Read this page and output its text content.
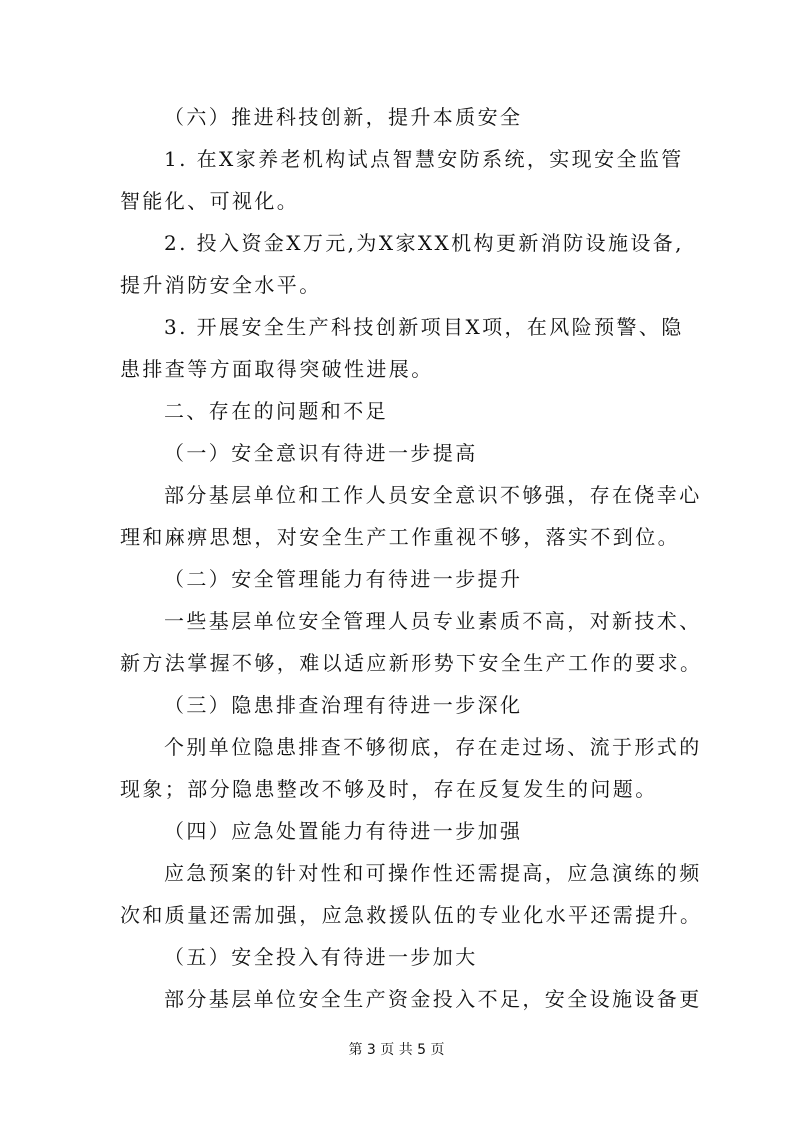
（六）推进科技创新，提升本质安全
1. 在X家养老机构试点智慧安防系统，实现安全监管
智能化、可视化。
2. 投入资金X万元,为X家XX机构更新消防设施设备,
提升消防安全水平。
3. 开展安全生产科技创新项目X项，在风险预警、隐
患排查等方面取得突破性进展。
二、存在的问题和不足
（一）安全意识有待进一步提高
部分基层单位和工作人员安全意识不够强，存在侥幸心
理和麻痹思想，对安全生产工作重视不够，落实不到位。
（二）安全管理能力有待进一步提升
一些基层单位安全管理人员专业素质不高，对新技术、
新方法掌握不够，难以适应新形势下安全生产工作的要求。
（三）隐患排查治理有待进一步深化
个别单位隐患排查不够彻底，存在走过场、流于形式的
现象；部分隐患整改不够及时，存在反复发生的问题。
（四）应急处置能力有待进一步加强
应急预案的针对性和可操作性还需提高，应急演练的频
次和质量还需加强，应急救援队伍的专业化水平还需提升。
（五）安全投入有待进一步加大
部分基层单位安全生产资金投入不足，安全设施设备更
第 3 页 共 5 页
